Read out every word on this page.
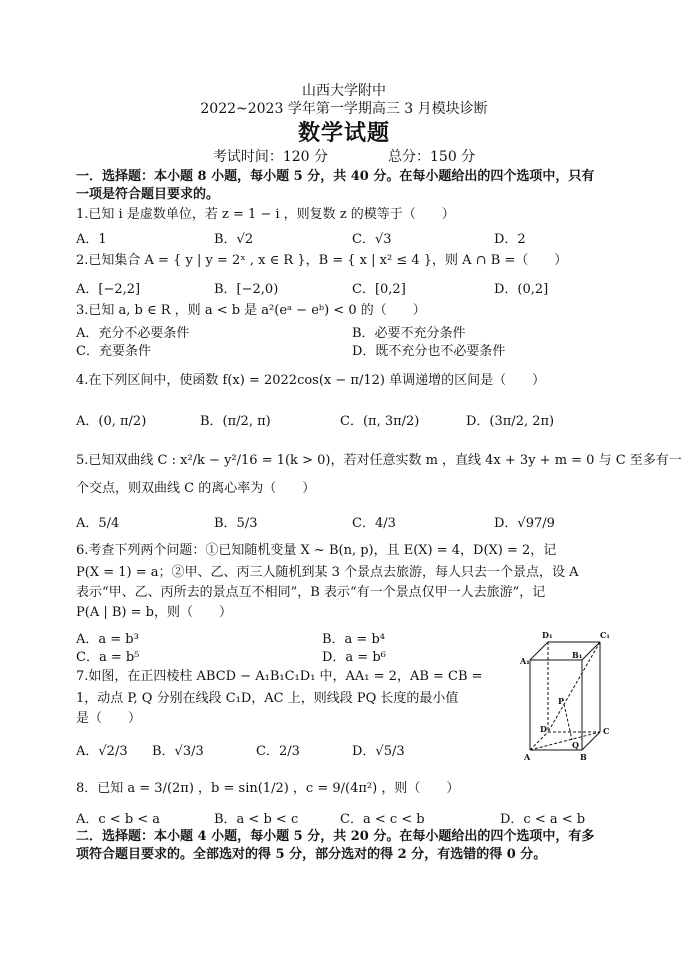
山西大学附中
2022~2023 学年第一学期高三 3 月模块诊断
数学试题
考试时间：120 分	总分：150 分
一．选择题：本小题 8 小题，每小题 5 分，共 40 分。在每小题给出的四个选项中，只有
一项是符合题目要求的。
1.已知 i 是虚数单位，若 z = 1 − i ，则复数 z 的模等于（　　）
A．1	B．√2	C．√3	D．2
2.已知集合 A = { y | y = 2ˣ , x ∈ R }，B = { x | x² ≤ 4 }，则 A ∩ B =（　　）
A．[−2,2]	B．[−2,0)	C．[0,2]	D．(0,2]
3.已知 a, b ∈ R ，则 a < b 是 a²(eᵃ − eᵇ) < 0 的（　　）
A．充分不必要条件	B．必要不充分条件
C．充要条件	D．既不充分也不必要条件
4.在下列区间中，使函数 f(x) = 2022cos(x − π/12) 单调递增的区间是（　　）
A．(0, π/2)	B．(π/2, π)	C．(π, 3π/2)	D．(3π/2, 2π)
5.已知双曲线 C : x²/k − y²/16 = 1(k > 0)，若对任意实数 m ，直线 4x + 3y + m = 0 与 C 至多有一
个交点，则双曲线 C 的离心率为（　　）
A．5/4	B．5/3	C．4/3	D．√97/9
6.考查下列两个问题：①已知随机变量 X ~ B(n, p)，且 E(X) = 4，D(X) = 2，记
P(X = 1) = a；②甲、乙、丙三人随机到某 3 个景点去旅游，每人只去一个景点，设 A
表示“甲、乙、丙所去的景点互不相同”，B 表示“有一个景点仅甲一人去旅游”，记
P(A | B) = b，则（　　）
A．a = b³	B．a = b⁴
C．a = b⁵	D．a = b⁶
7.如图，在正四棱柱 ABCD − A₁B₁C₁D₁ 中，AA₁ = 2，AB = CB =
1，动点 P, Q 分别在线段 C₁D，AC 上，则线段 PQ 长度的最小值
是（　　）
A．√2/3 B．√3/3	C．2/3	D．√5/3
D₁	C₁
A₁
B₁
P
D	C
Q
A	B
8．已知 a = 3/(2π) ，b = sin(1/2) ，c = 9/(4π²) ，则（　　）
A．c < b < a	B．a < b < c	C．a < c < b	D．c < a < b
二．选择题：本小题 4 小题，每小题 5 分，共 20 分。在每小题给出的四个选项中，有多
项符合题目要求的。全部选对的得 5 分，部分选对的得 2 分，有选错的得 0 分。
